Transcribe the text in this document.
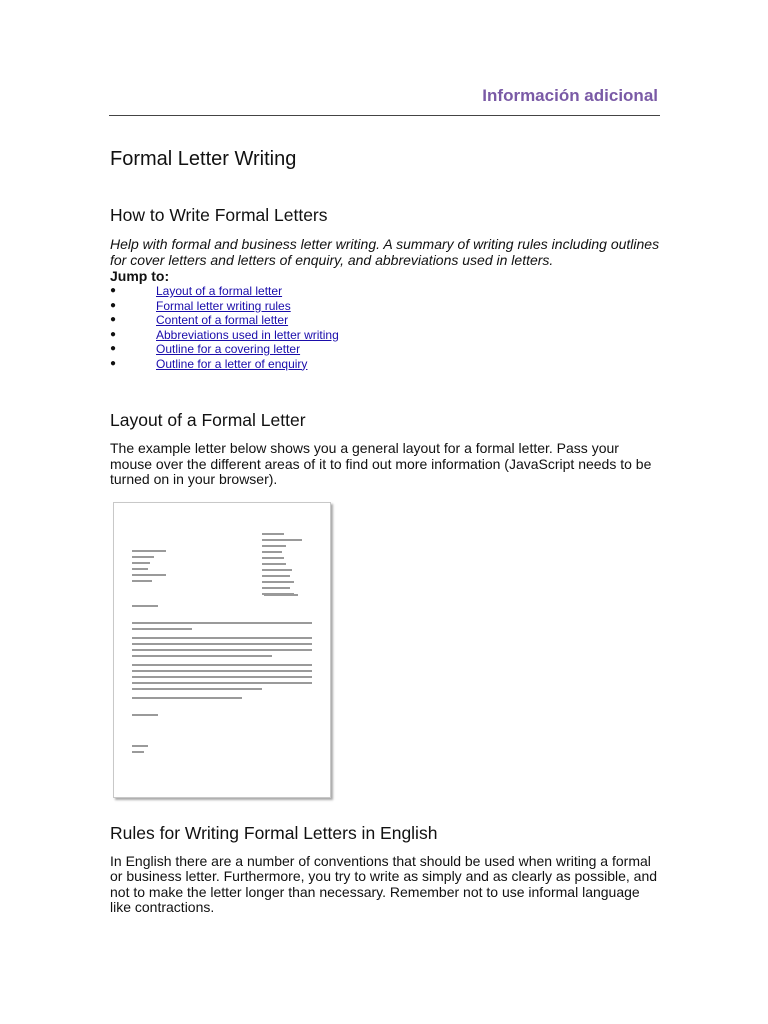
Información adicional
Formal Letter Writing
How to Write Formal Letters

Help with formal and business letter writing. A summary of writing rules including outlines for cover letters and letters of enquiry, and abbreviations used in letters.

Jump to:

●	Layout of a formal letter
●	Formal letter writing rules
●	Content of a formal letter
●	Abbreviations used in letter writing
●	Outline for a covering letter
●	Outline for a letter of enquiry
Layout of a Formal Letter

The example letter below shows you a general layout for a formal letter. Pass your mouse over the different areas of it to find out more information (JavaScript needs to be turned on in your browser).

Rules for Writing Formal Letters in English

In English there are a number of conventions that should be used when writing a formal or business letter. Furthermore, you try to write as simply and as clearly as possible, and not to make the letter longer than necessary. Remember not to use informal language like contractions.
